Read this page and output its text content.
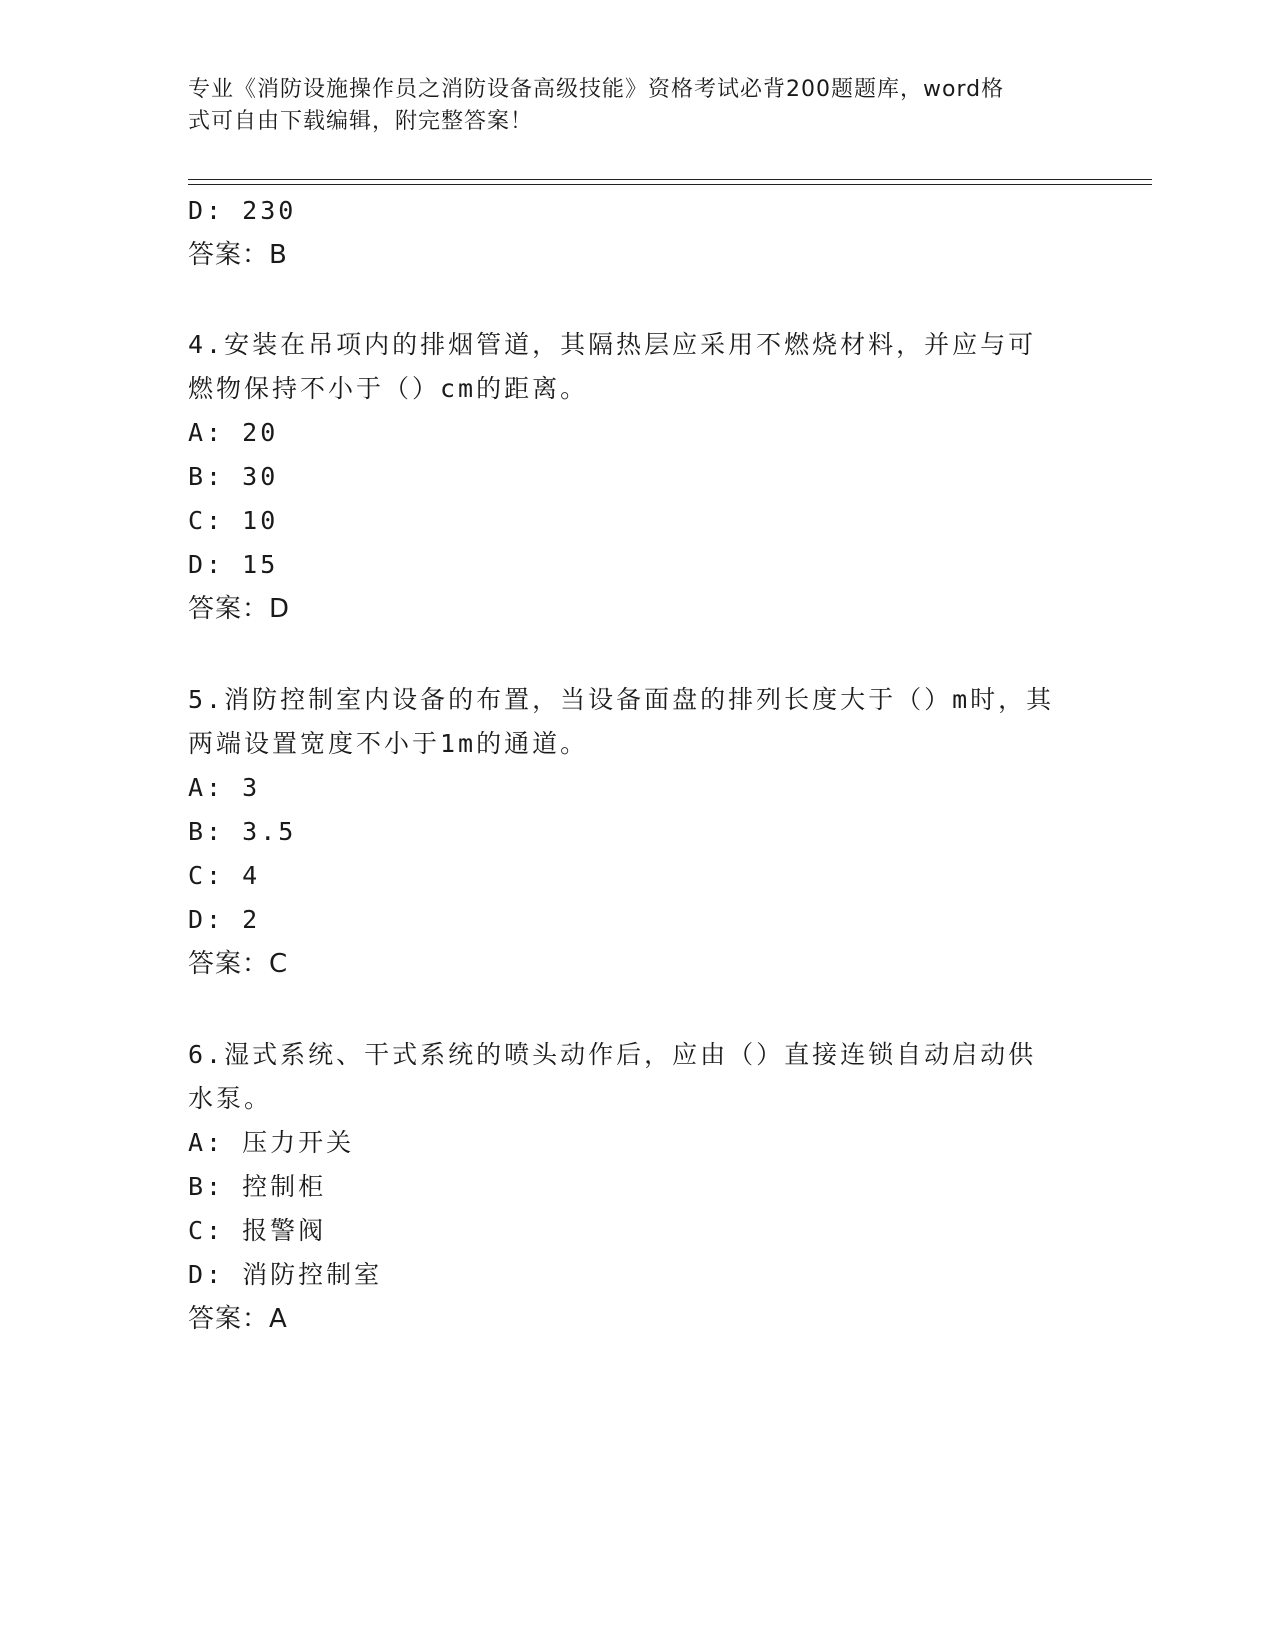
专业《消防设施操作员之消防设备高级技能》资格考试必背200题题库，word格
式可自由下载编辑，附完整答案！
D: 230
答案：B
4.安装在吊项内的排烟管道，其隔热层应采用不燃烧材料，并应与可
燃物保持不小于（）cm的距离。
A: 20
B: 30
C: 10
D: 15
答案：D
5.消防控制室内设备的布置，当设备面盘的排列长度大于（）m时，其
两端设置宽度不小于1m的通道。
A: 3
B: 3.5
C: 4
D: 2
答案：C
6.湿式系统、干式系统的喷头动作后，应由（）直接连锁自动启动供
水泵。
A: 压力开关
B: 控制柜
C: 报警阀
D: 消防控制室
答案：A
